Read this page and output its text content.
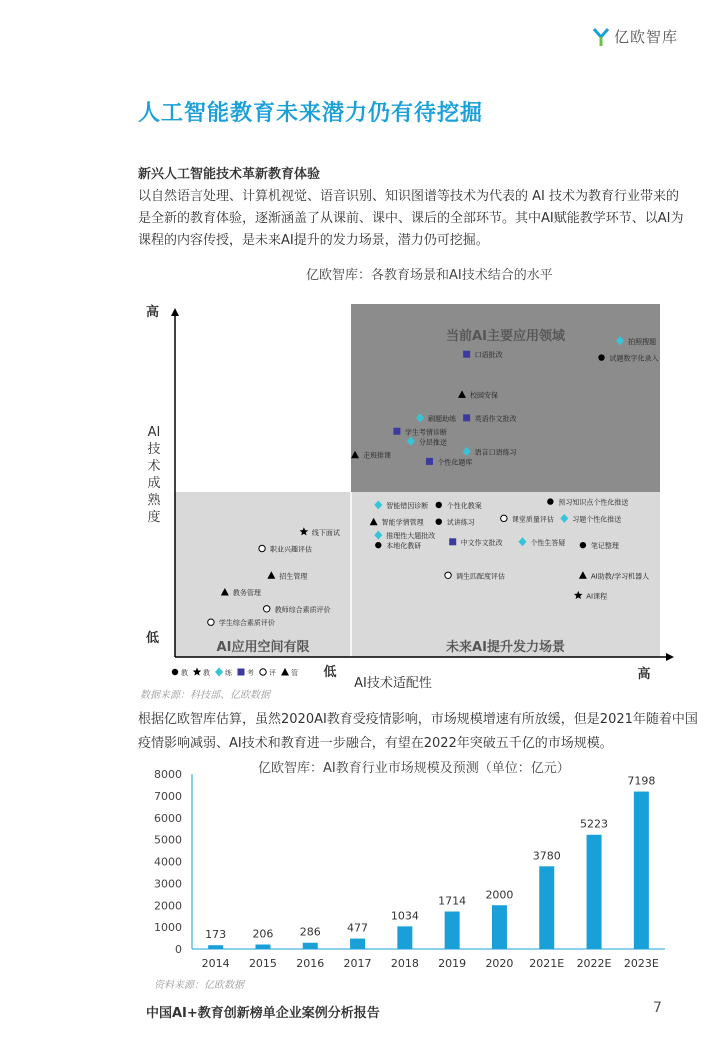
亿欧智库
人工智能教育未来潜力仍有待挖掘
新兴人工智能技术革新教育体验
以自然语言处理、计算机视觉、语音识别、知识图谱等技术为代表的 AI 技术为教育行业带来的是全新的教育体验，逐渐涵盖了从课前、课中、课后的全部环节。其中AI赋能教学环节、以AI为课程的内容传授，是未来AI提升的发力场景，潜力仍可挖掘。
亿欧智库：各教育场景和AI技术结合的水平
高
低
AI
技
术
成
熟
度
低	高
AI技术适配性
当前AI主要应用领域
未来AI提升发力场景
AI应用空间有限
拍照搜题
口语批改	试题数字化录入
校园安保
刷题助练	英语作文批改
学生考情诊断
分层推送
语言口语练习
走班排课
个性化题库
预习知识点个性化推送
智能错因诊断	个性化教案
课堂质量评估	习题个性化推送
智能学情管理	试讲练习
推理性大题批改
个性生答疑
本地化教研	中文作文批改	笔记整理
线下面试
职业兴趣评估
招生管理	调生匹配度评估	AI助教/学习机器人
教务管理
教师综合素质评价
AI课程
学生综合素质评价
教 教 练 考 评 管
数据来源：科技部、亿欧数据
根据亿欧智库估算，虽然2020AI教育受疫情影响，市场规模增速有所放缓，但是2021年随着中国疫情影响减弱、AI技术和教育进一步融合，有望在2022年突破五千亿的市场规模。
亿欧智库：AI教育行业市场规模及预测（单位：亿元）
0
1000
2000
3000
4000
5000
6000
7000
8000
173
2014
206
2015
286
2016
477
2017
1034
2018
1714
2019
2000
2020
3780
2021E
5223
2022E
7198
2023E
资料来源：亿欧数据
中国AI+教育创新榜单企业案例分析报告	7
